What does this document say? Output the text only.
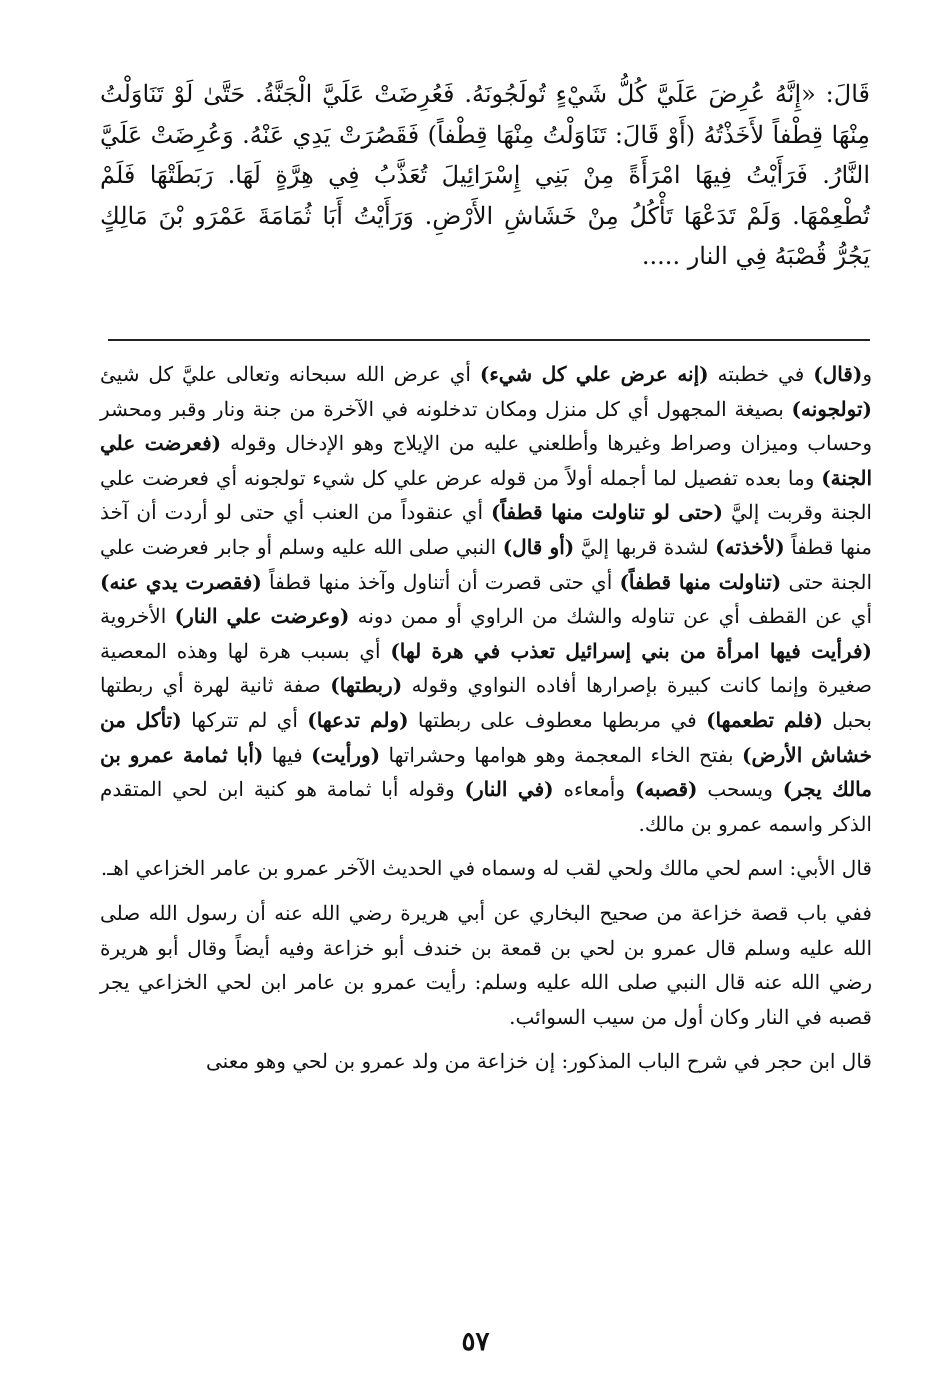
قَالَ: «إِنَّهُ عُرِضَ عَلَيَّ كُلُّ شَيْءٍ تُولَجُونَهُ. فَعُرِضَتْ عَلَيَّ الْجَنَّةُ. حَتَّىٰ لَوْ تَنَاوَلْتُ مِنْهَا قِطْفاً لأَخَذْتُهُ (أَوْ قَالَ: تَنَاوَلْتُ مِنْهَا قِطْفاً) فَقَصُرَتْ يَدِي عَنْهُ. وَعُرِضَتْ عَلَيَّ النَّارُ. فَرَأَيْتُ فِيهَا امْرَأَةً مِنْ بَنِي إِسْرَائِيلَ تُعَذَّبُ فِي هِرَّةٍ لَهَا. رَبَطَتْهَا فَلَمْ تُطْعِمْهَا. وَلَمْ تَدَعْهَا تَأْكُلُ مِنْ خَشَاشِ الأَرْضِ. وَرَأَيْتُ أَبَا ثُمَامَةَ عَمْرَو بْنَ مَالِكٍ يَجُرُّ قُصْبَهُ فِي النار .....

و(قال) في خطبته (إنه عرض علي كل شيء) أي عرض الله سبحانه وتعالى عليَّ كل شيئ (تولجونه) بصيغة المجهول أي كل منزل ومكان تدخلونه في الآخرة من جنة ونار وقبر ومحشر وحساب وميزان وصراط وغيرها وأطلعني عليه من الإيلاج وهو الإدخال وقوله (فعرضت علي الجنة) وما بعده تفصيل لما أجمله أولاً من قوله عرض علي كل شيء تولجونه أي فعرضت علي الجنة وقربت إليَّ (حتى لو تناولت منها قطفاً) أي عنقوداً من العنب أي حتى لو أردت أن آخذ منها قطفاً (لأخذته) لشدة قربها إليَّ (أو قال) النبي صلى الله عليه وسلم أو جابر فعرضت علي الجنة حتى (تناولت منها قطفاً) أي حتى قصرت أن أتناول وآخذ منها قطفاً (فقصرت يدي عنه) أي عن القطف أي عن تناوله والشك من الراوي أو ممن دونه (وعرضت علي النار) الأخروية (فرأيت فيها امرأة من بني إسرائيل تعذب في هرة لها) أي بسبب هرة لها وهذه المعصية صغيرة وإنما كانت كبيرة بإصرارها أفاده النواوي وقوله (ربطتها) صفة ثانية لهرة أي ربطتها بحبل (فلم تطعمها) في مربطها معطوف على ربطتها (ولم تدعها) أي لم تتركها (تأكل من خشاش الأرض) بفتح الخاء المعجمة وهو هوامها وحشراتها (ورأيت) فيها (أبا ثمامة عمرو بن مالك يجر) ويسحب (قصبه) وأمعاءه (في النار) وقوله أبا ثمامة هو كنية ابن لحي المتقدم الذكر واسمه عمرو بن مالك.

قال الأبي: اسم لحي مالك ولحي لقب له وسماه في الحديث الآخر عمرو بن عامر الخزاعي اهـ.

ففي باب قصة خزاعة من صحيح البخاري عن أبي هريرة رضي الله عنه أن رسول الله صلى الله عليه وسلم قال عمرو بن لحي بن قمعة بن خندف أبو خزاعة وفيه أيضاً وقال أبو هريرة رضي الله عنه قال النبي صلى الله عليه وسلم: رأيت عمرو بن عامر ابن لحي الخزاعي يجر قصبه في النار وكان أول من سيب السوائب.

قال ابن حجر في شرح الباب المذكور: إن خزاعة من ولد عمرو بن لحي وهو معنى

٥٧
